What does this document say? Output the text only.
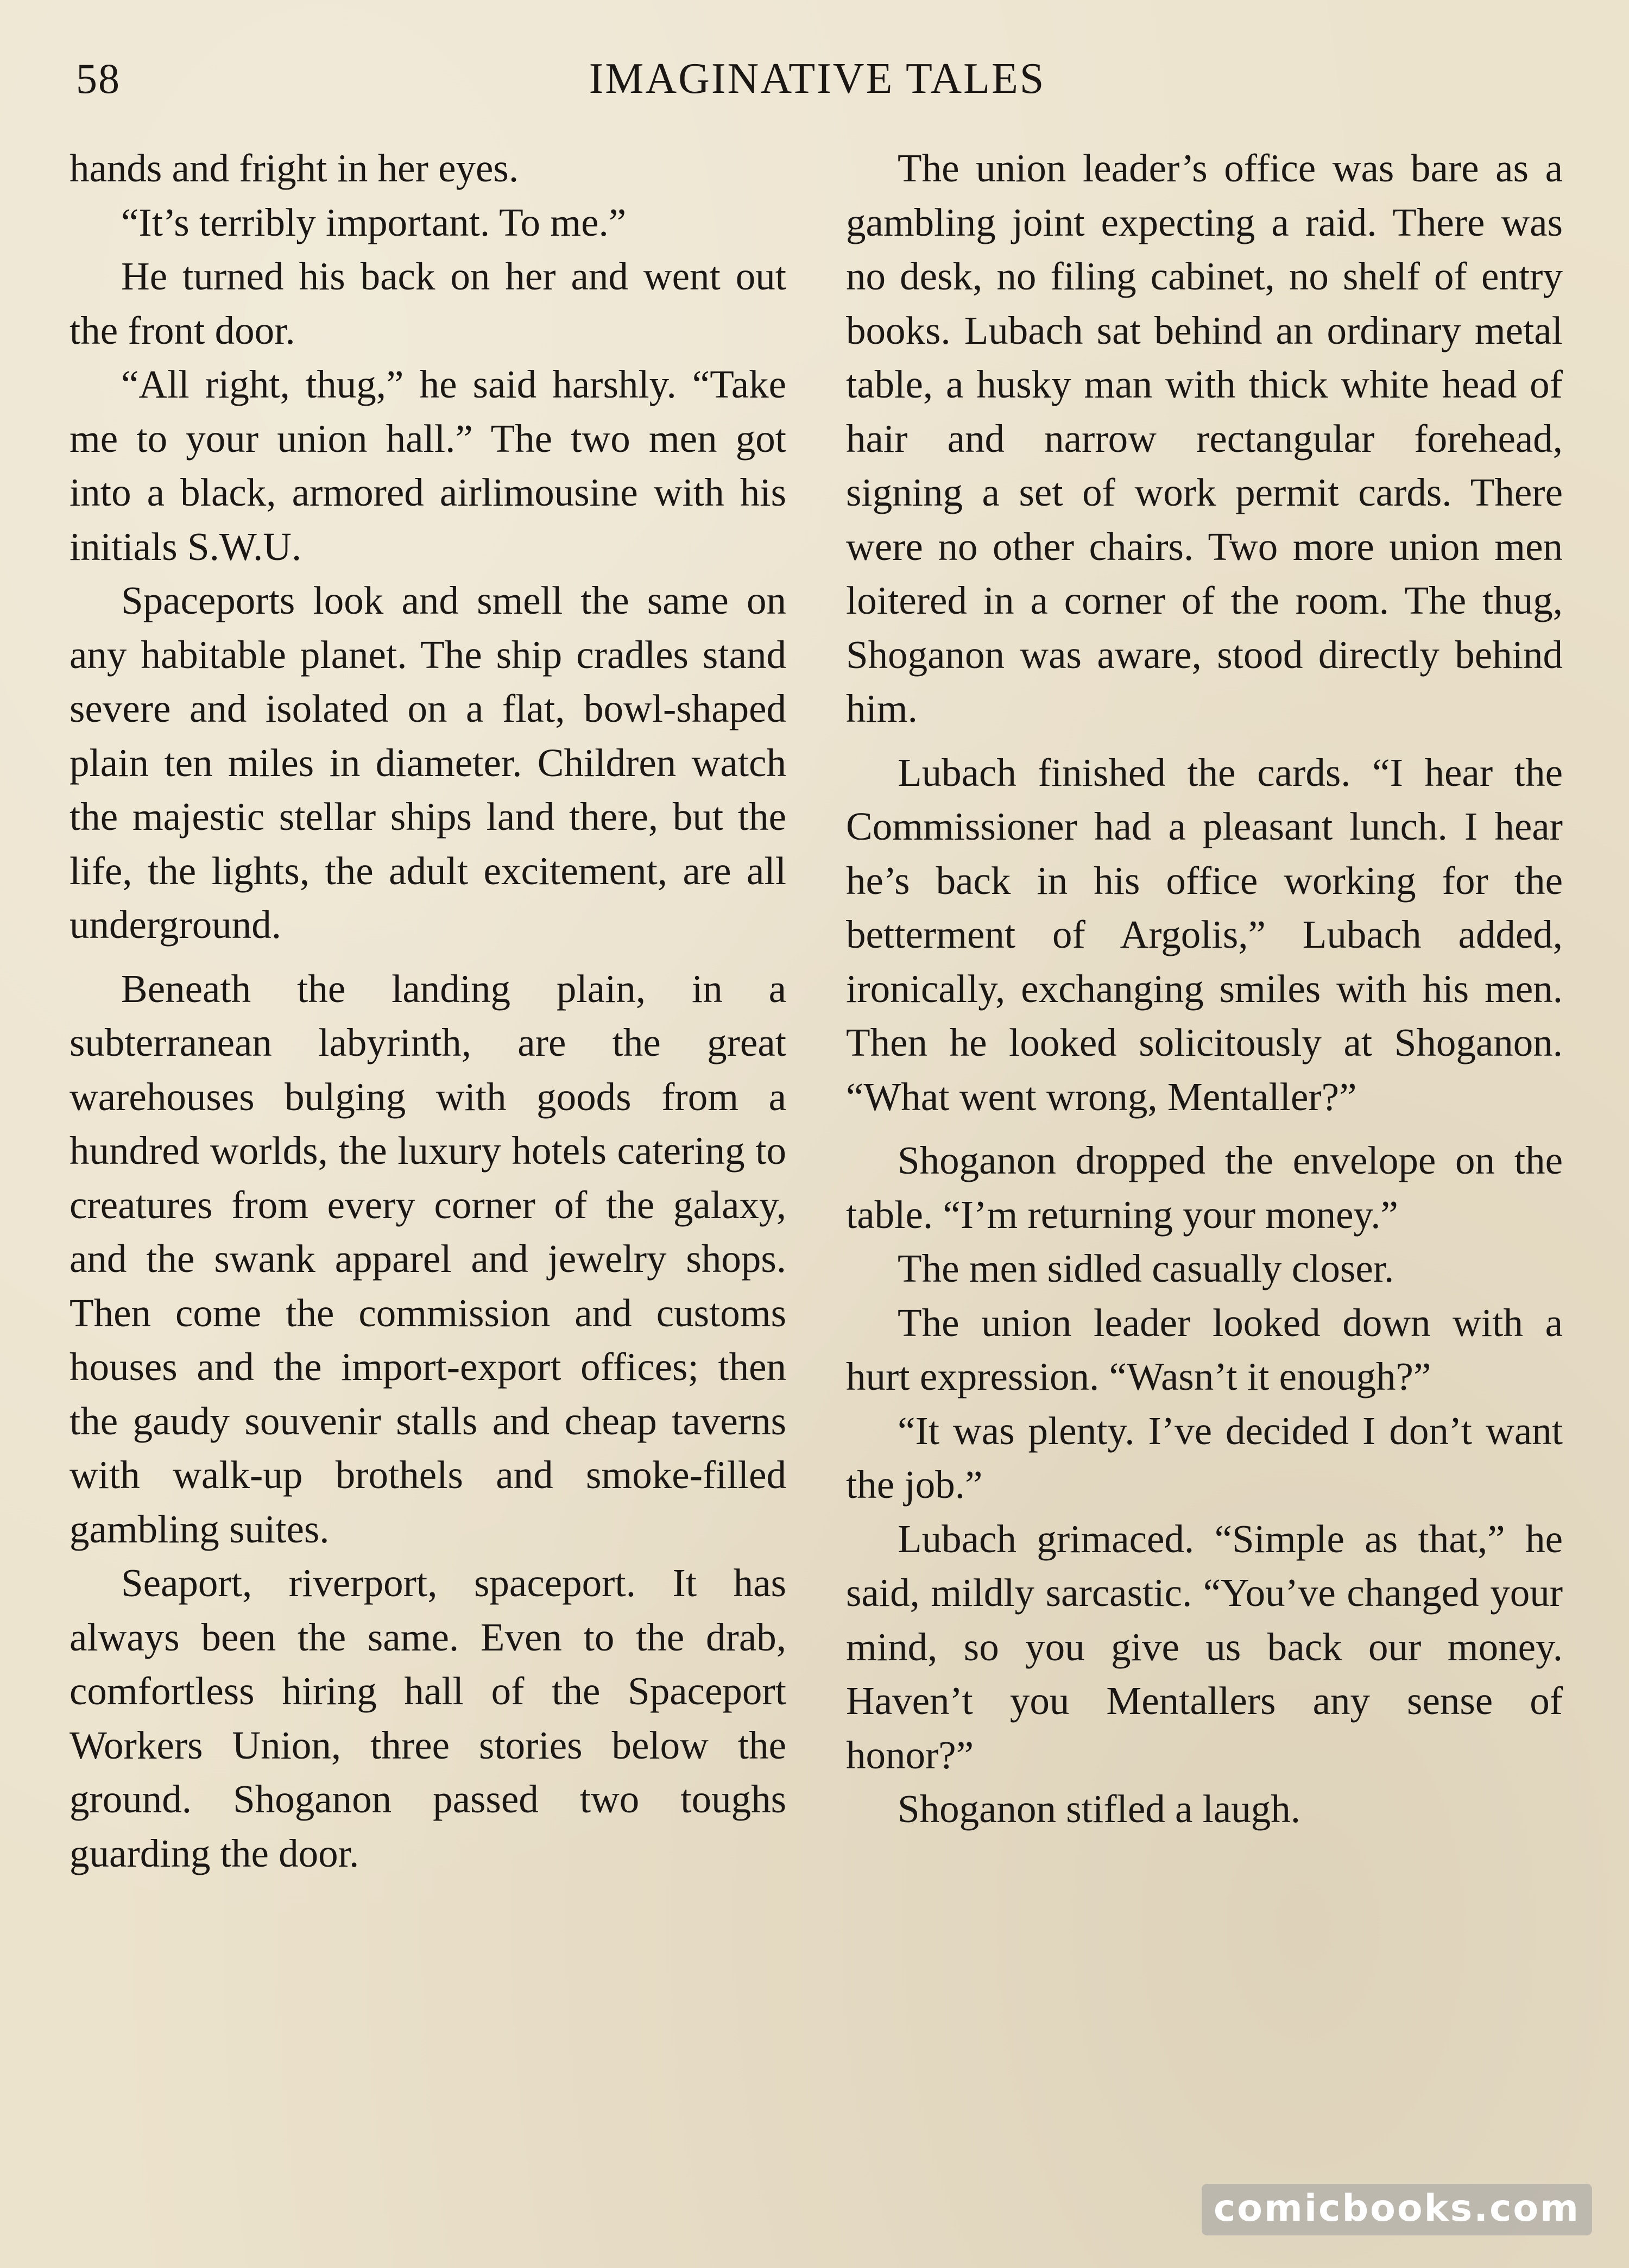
58	IMAGINATIVE TALES

hands and fright in her eyes.

“It’s terribly important. To me.”

He turned his back on her and went out the front door.

“All right, thug,” he said harshly. “Take me to your union hall.” The two men got into a black, armored airlimousine with his initials S.W.U.

Spaceports look and smell the same on any habitable planet. The ship cradles stand severe and isolated on a flat, bowl-shaped plain ten miles in diameter. Children watch the majestic stellar ships land there, but the life, the lights, the adult excitement, are all underground.

Beneath the landing plain, in a subterranean labyrinth, are the great warehouses bulging with goods from a hundred worlds, the luxury hotels catering to creatures from every corner of the galaxy, and the swank apparel and jewelry shops. Then come the commission and customs houses and the import-export offices; then the gaudy souvenir stalls and cheap taverns with walk-up brothels and smoke-filled gambling suites.

Seaport, riverport, spaceport. It has always been the same. Even to the drab, comfortless hiring hall of the Spaceport Workers Union, three stories below the ground. Shoganon passed two toughs guarding the door.

The union leader’s office was bare as a gambling joint expecting a raid. There was no desk, no filing cabinet, no shelf of entry books. Lubach sat behind an ordinary metal table, a husky man with thick white head of hair and narrow rectangular forehead, signing a set of work permit cards. There were no other chairs. Two more union men loitered in a corner of the room. The thug, Shoganon was aware, stood directly behind him.

Lubach finished the cards. “I hear the Commissioner had a pleasant lunch. I hear he’s back in his office working for the betterment of Argolis,” Lubach added, ironically, exchanging smiles with his men. Then he looked solicitously at Shoganon. “What went wrong, Mentaller?”

Shoganon dropped the envelope on the table. “I’m returning your money.”

The men sidled casually closer.

The union leader looked down with a hurt expression. “Wasn’t it enough?”

“It was plenty. I’ve decided I don’t want the job.”

Lubach grimaced. “Simple as that,” he said, mildly sarcastic. “You’ve changed your mind, so you give us back our money. Haven’t you Mentallers any sense of honor?”

Shoganon stifled a laugh.

comicbooks.com
